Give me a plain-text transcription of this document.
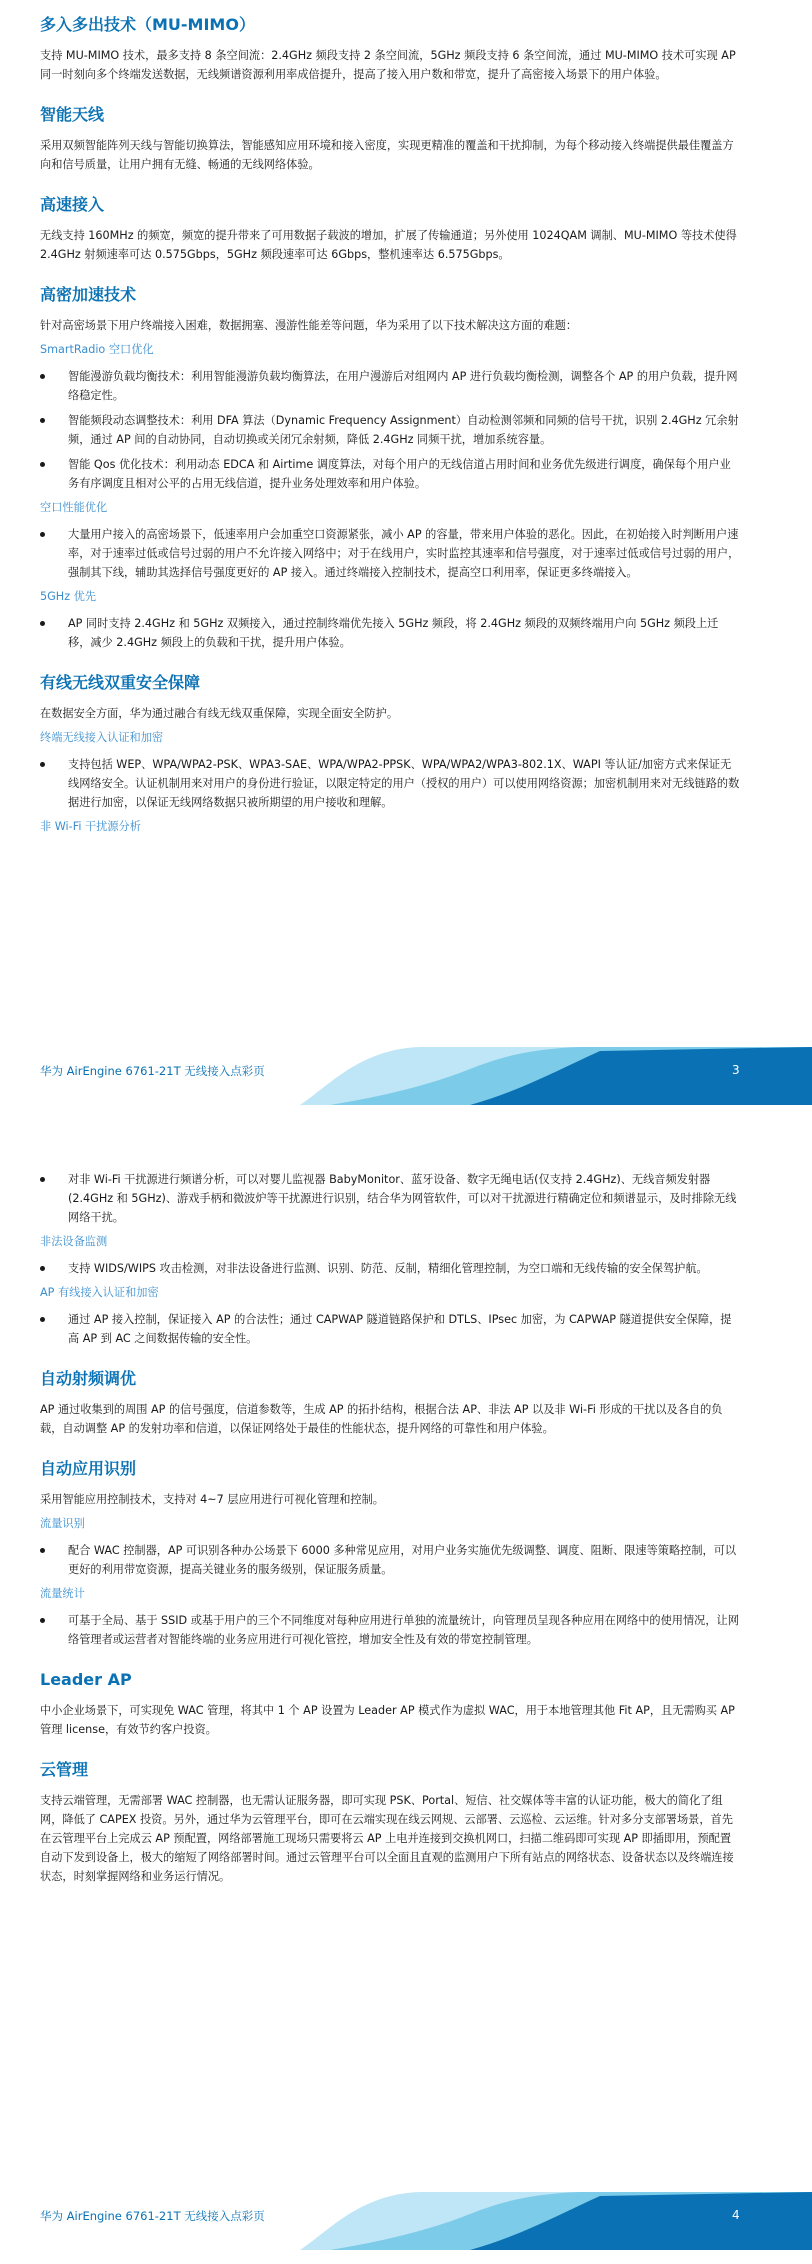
多入多出技术（MU-MIMO）

支持 MU-MIMO 技术，最多支持 8 条空间流：2.4GHz 频段支持 2 条空间流，5GHz 频段支持 6 条空间流，通过 MU-MIMO 技术可实现 AP 同一时刻向多个终端发送数据，无线频谱资源利用率成倍提升，提高了接入用户数和带宽，提升了高密接入场景下的用户体验。

智能天线

采用双频智能阵列天线与智能切换算法，智能感知应用环境和接入密度，实现更精准的覆盖和干扰抑制，为每个移动接入终端提供最佳覆盖方向和信号质量，让用户拥有无缝、畅通的无线网络体验。

高速接入

无线支持 160MHz 的频宽，频宽的提升带来了可用数据子载波的增加，扩展了传输通道；另外使用 1024QAM 调制、MU-MIMO 等技术使得 2.4GHz 射频速率可达 0.575Gbps，5GHz 频段速率可达 6Gbps，整机速率达 6.575Gbps。

高密加速技术

针对高密场景下用户终端接入困难，数据拥塞、漫游性能差等问题，华为采用了以下技术解决这方面的难题：

SmartRadio 空口优化

智能漫游负载均衡技术：利用智能漫游负载均衡算法，在用户漫游后对组网内 AP 进行负载均衡检测，调整各个 AP 的用户负载，提升网络稳定性。

智能频段动态调整技术：利用 DFA 算法（Dynamic Frequency Assignment）自动检测邻频和同频的信号干扰，识别 2.4GHz 冗余射频，通过 AP 间的自动协同，自动切换或关闭冗余射频，降低 2.4GHz 同频干扰，增加系统容量。

智能 Qos 优化技术：利用动态 EDCA 和 Airtime 调度算法，对每个用户的无线信道占用时间和业务优先级进行调度，确保每个用户业务有序调度且相对公平的占用无线信道，提升业务处理效率和用户体验。

空口性能优化

大量用户接入的高密场景下，低速率用户会加重空口资源紧张，减小 AP 的容量，带来用户体验的恶化。因此，在初始接入时判断用户速率，对于速率过低或信号过弱的用户不允许接入网络中；对于在线用户，实时监控其速率和信号强度，对于速率过低或信号过弱的用户，强制其下线，辅助其选择信号强度更好的 AP 接入。通过终端接入控制技术，提高空口利用率，保证更多终端接入。

5GHz 优先

AP 同时支持 2.4GHz 和 5GHz 双频接入，通过控制终端优先接入 5GHz 频段，将 2.4GHz 频段的双频终端用户向 5GHz 频段上迁移，减少 2.4GHz 频段上的负载和干扰，提升用户体验。

有线无线双重安全保障

在数据安全方面，华为通过融合有线无线双重保障，实现全面安全防护。

终端无线接入认证和加密

支持包括 WEP、WPA/WPA2-PSK、WPA3-SAE、WPA/WPA2-PPSK、WPA/WPA2/WPA3-802.1X、WAPI 等认证/加密方式来保证无线网络安全。认证机制用来对用户的身份进行验证，以限定特定的用户（授权的用户）可以使用网络资源；加密机制用来对无线链路的数据进行加密，以保证无线网络数据只被所期望的用户接收和理解。

非 Wi-Fi 干扰源分析
华为 AirEngine 6761-21T 无线接入点彩页	3

对非 Wi-Fi 干扰源进行频谱分析，可以对婴儿监视器 BabyMonitor、蓝牙设备、数字无绳电话(仅支持 2.4GHz)、无线音频发射器(2.4GHz 和 5GHz)、游戏手柄和微波炉等干扰源进行识别，结合华为网管软件，可以对干扰源进行精确定位和频谱显示，及时排除无线网络干扰。

非法设备监测

支持 WIDS/WIPS 攻击检测，对非法设备进行监测、识别、防范、反制，精细化管理控制，为空口端和无线传输的安全保驾护航。

AP 有线接入认证和加密

通过 AP 接入控制，保证接入 AP 的合法性；通过 CAPWAP 隧道链路保护和 DTLS、IPsec 加密，为 CAPWAP 隧道提供安全保障，提高 AP 到 AC 之间数据传输的安全性。

自动射频调优

AP 通过收集到的周围 AP 的信号强度，信道参数等，生成 AP 的拓扑结构，根据合法 AP、非法 AP 以及非 Wi-Fi 形成的干扰以及各自的负载，自动调整 AP 的发射功率和信道，以保证网络处于最佳的性能状态，提升网络的可靠性和用户体验。

自动应用识别

采用智能应用控制技术，支持对 4~7 层应用进行可视化管理和控制。

流量识别

配合 WAC 控制器，AP 可识别各种办公场景下 6000 多种常见应用，对用户业务实施优先级调整、调度、阻断、限速等策略控制，可以更好的利用带宽资源，提高关键业务的服务级别，保证服务质量。

流量统计

可基于全局、基于 SSID 或基于用户的三个不同维度对每种应用进行单独的流量统计，向管理员呈现各种应用在网络中的使用情况，让网络管理者或运营者对智能终端的业务应用进行可视化管控，增加安全性及有效的带宽控制管理。

Leader AP

中小企业场景下，可实现免 WAC 管理，将其中 1 个 AP 设置为 Leader AP 模式作为虚拟 WAC，用于本地管理其他 Fit AP，且无需购买 AP 管理 license，有效节约客户投资。

云管理

支持云端管理，无需部署 WAC 控制器，也无需认证服务器，即可实现 PSK、Portal、短信、社交媒体等丰富的认证功能，极大的简化了组网，降低了 CAPEX 投资。另外，通过华为云管理平台，即可在云端实现在线云网规、云部署、云巡检、云运维。针对多分支部署场景，首先在云管理平台上完成云 AP 预配置，网络部署施工现场只需要将云 AP 上电并连接到交换机网口，扫描二维码即可实现 AP 即插即用，预配置自动下发到设备上，极大的缩短了网络部署时间。通过云管理平台可以全面且直观的监测用户下所有站点的网络状态、设备状态以及终端连接状态，时刻掌握网络和业务运行情况。

华为 AirEngine 6761-21T 无线接入点彩页	4
